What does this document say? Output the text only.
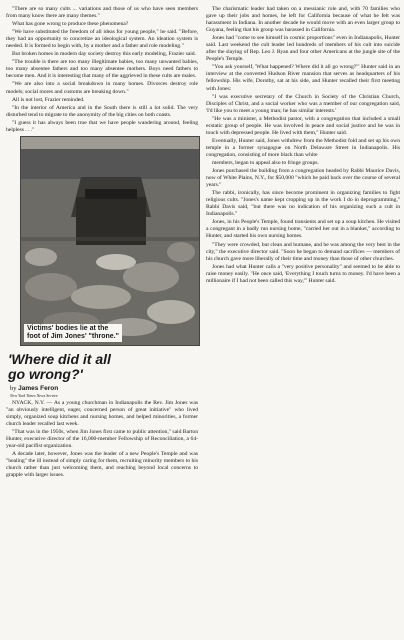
"There are so many cults ... variations and those of us who have seen members from many know there are many themes."

What has gone wrong to produce these phenomena?

"We have substituted the freedom of all ideas for young people," he said. "Before, they had an opportunity to concretize an ideological system. An ideation system is needed. It is formed to begin with, by a mother and a father and role modeling."

But broken homes in modern day society destroy this early modeling, Frazier said.

"The trouble is there are too many illegitimate babies, too many unwanted babies, too many absentee fathers and too many absentee mothers. Boys need fathers to become men. And it is interesting that many of the aggrieved in these cults are males.

"We are also into a social breakdown in many homes. Divorces destroy role models; social mores and customs are breaking down."

All is not lost, Frazier reminded.

"In the interior of America and in the South there is still a lot solid. The very disturbed tend to migrate to the anonymity of the big cities on both coasts.

"I guess it has always been true that we have people wandering around, feeling helpless . . ."

Victims' bodies lie at the foot of Jim Jones' "throne."
'Where did it all go wrong?'
by James Feron
New York Times News Service

NYACK, N.Y. — As a young churchman in Indianapolis the Rev. Jim Jones was "an obviously intelligent, eager, concerned person of great initiative" who lived simply, organized soup kitchens and nursing homes, and helped minorities, a former church leader recalled last week.

"That was in the 1950s, when Jim Jones first came to public attention," said Barton Hunter, executive director of the 16,000-member Fellowship of Reconciliation, a 64-year-old pacifist organization.

A decade later, however, Jones was the leader of a new People's Temple and was "healing" the ill instead of simply caring for them, recruiting minority members to his church rather than just welcoming them, and reaching beyond local concerns to grapple with larger issues.

The charismatic leader had taken on a messianic role and, with 70 families who gave up their jobs and homes, he left for California because of what he felt was harassment in Indiana. In another decade he would move with an even larger group to Guyana, feeling that his group was harassed in California.

Jones had "come to see himself in cosmic proportions" even in Indianapolis, Hunter said. Last weekend the cult leader led hundreds of members of his cult into suicide after the slaying of Rep. Leo J. Ryan and four other Americans at the jungle site of the People's Temple.

"You ask yourself, 'What happened? Where did it all go wrong?'" Hunter said in an interview at the converted Hudson River mansion that serves as headquarters of his fellowship. His wife, Dorothy, sat at his side, and Hunter recalled their first meeting with Jones:

"I was executive secretary of the Church in Society of the Christian Church, Disciples of Christ, and a social worker who was a member of our congregation said, 'I'd like you to meet a young man; he has similar interests.'

"He was a minister, a Methodist pastor, with a congregation that included a small ecstatic group of people. He was involved in peace and social justice and he was in touch with depressed people. He lived with them," Hunter said.

Eventually, Hunter said, Jones withdrew from the Methodist fold and set up his own temple in a former synagogue on North Delaware Street in Indianapolis. His congregation, consisting of more black than white

members, began to appeal also to fringe groups.

Jones purchased the building from a congregation headed by Rabbi Maurice Davis, now of White Plains, N.Y., for $50,000 "which he paid back over the course of several years."

The rabbi, ironically, has since become prominent in organizing families to fight religious cults. "Jones's name kept cropping up in the work I do in deprogramming," Rabbi Davis said, "but there was no indication of his organizing such a cult in Indianapolis."

Jones, in his People's Temple, found transients and set up a soup kitchen. He visited a congregant in a badly run nursing home, "carried her out in a blanket," according to Hunter, and started his own nursing homes.

"They were crowded, but clean and humane, and he was among the very best in the city," the executive director said. "Soon he began to demand sacrifices — members of his church gave more liberally of their time and money than those of other churches.

Jones had what Hunter calls a "very positive personality" and seemed to be able to raise money easily. "He once said, 'Everything I touch turns to money. I'd have been a millionaire if I had not been called this way,'" Hunter said.
